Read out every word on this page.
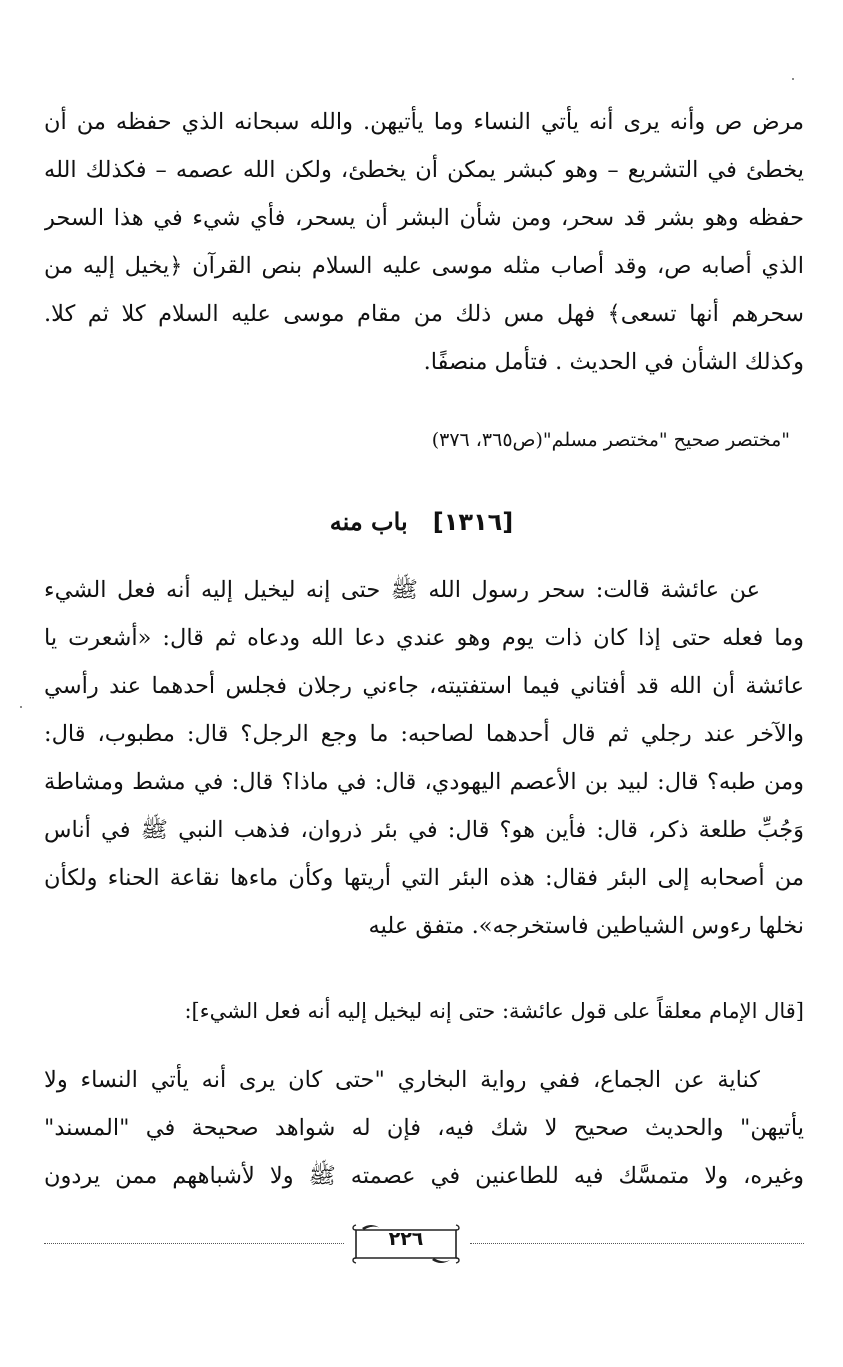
مرض ص وأنه يرى أنه يأتي النساء وما يأتيهن. والله سبحانه الذي حفظه من أن
يخطئ في التشريع – وهو كبشر يمكن أن يخطئ، ولكن الله عصمه – فكذلك الله
حفظه وهو بشر قد سحر، ومن شأن البشر أن يسحر، فأي شيء في هذا السحر
الذي أصابه ص، وقد أصاب مثله موسى عليه السلام بنص القرآن ﴿يخيل إليه من
سحرهم أنها تسعى﴾ فهل مس ذلك من مقام موسى عليه السلام كلا ثم كلا.
وكذلك الشأن في الحديث . فتأمل منصفًا.
"مختصر صحيح "مختصر مسلم"(ص٣٦٥، ٣٧٦)
[١٣١٦]   باب منه
عن عائشة قالت: سحر رسول الله ﷺ حتى إنه ليخيل إليه أنه فعل الشيء
وما فعله حتى إذا كان ذات يوم وهو عندي دعا الله ودعاه ثم قال: «أشعرت يا
عائشة أن الله قد أفتاني فيما استفتيته، جاءني رجلان فجلس أحدهما عند رأسي
والآخر عند رجلي ثم قال أحدهما لصاحبه: ما وجع الرجل؟ قال: مطبوب، قال:
ومن طبه؟ قال: لبيد بن الأعصم اليهودي، قال: في ماذا؟ قال: في مشط ومشاطة
وَجُبِّ طلعة ذكر، قال: فأين هو؟ قال: في بئر ذروان، فذهب النبي ﷺ في أناس
من أصحابه إلى البئر فقال: هذه البئر التي أريتها وكأن ماءها نقاعة الحناء ولكأن
نخلها رءوس الشياطين فاستخرجه». متفق عليه
[قال الإمام معلقاً على قول عائشة: حتى إنه ليخيل إليه أنه فعل الشيء]:
كناية عن الجماع، ففي رواية البخاري "حتى كان يرى أنه يأتي النساء ولا
يأتيهن" والحديث صحيح لا شك فيه، فإن له شواهد صحيحة في "المسند"
وغيره، ولا متمسَّك فيه للطاعنين في عصمته ﷺ ولا لأشباههم ممن يردون
٢٢٦
